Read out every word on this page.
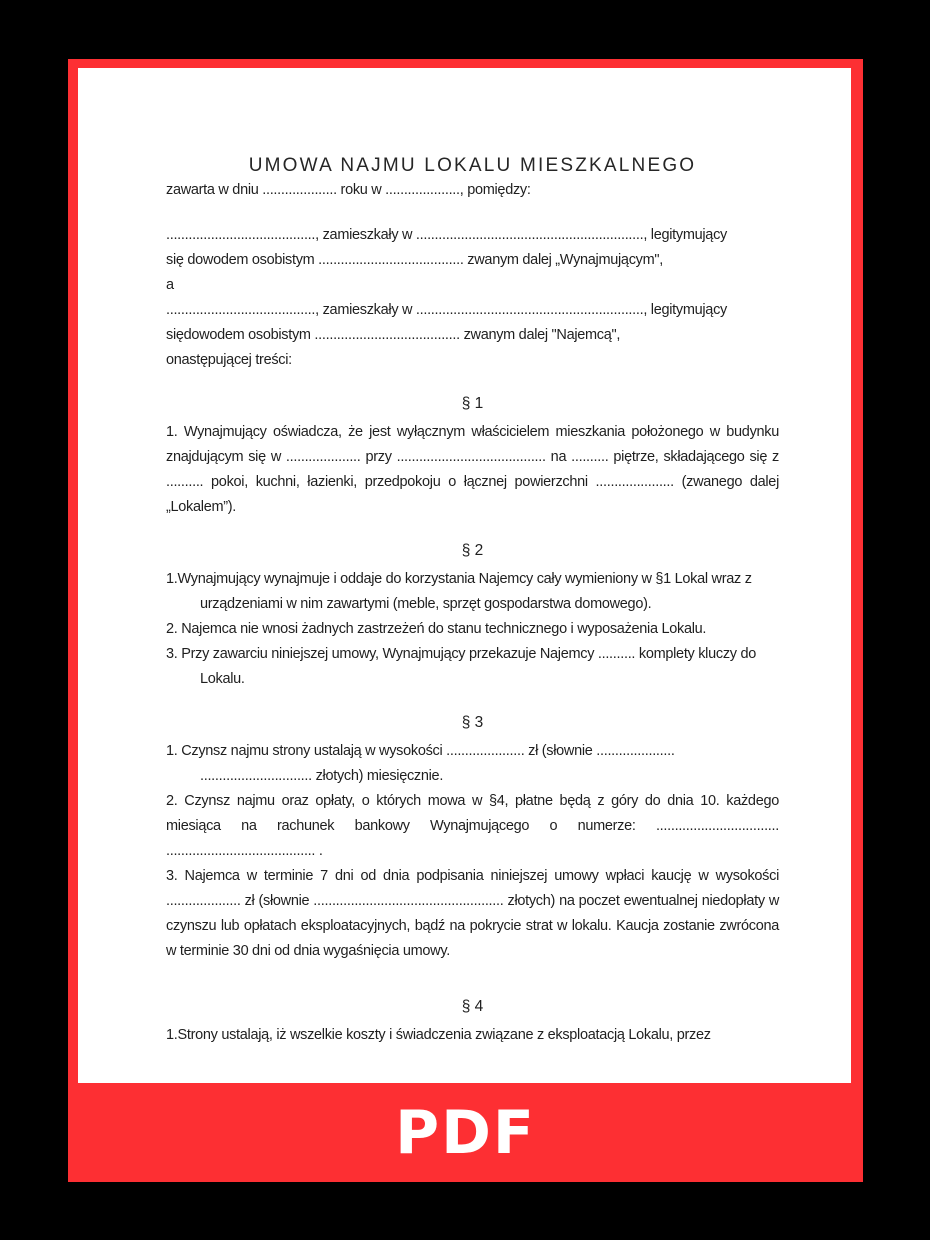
UMOWA NAJMU LOKALU MIESZKALNEGO

zawarta w dniu .................... roku w ...................., pomiędzy:

........................................, zamieszkały w ............................................................., legitymujący

się dowodem osobistym ....................................... zwanym dalej „Wynajmującym",

a

........................................, zamieszkały w ............................................................., legitymujący

siędowodem osobistym ....................................... zwanym dalej "Najemcą",

onastępującej treści:

§ 1

1. Wynajmujący oświadcza, że jest wyłącznym właścicielem mieszkania położonego w budynku znajdującym się w .................... przy ........................................ na .......... piętrze, składającego się z .......... pokoi, kuchni, łazienki, przedpokoju o łącznej powierzchni ..................... (zwanego dalej „Lokalem”).

§ 2

1.Wynajmujący wynajmuje i oddaje do korzystania Najemcy cały wymieniony w §1 Lokal wraz z urządzeniami w nim zawartymi (meble, sprzęt gospodarstwa domowego).

2. Najemca nie wnosi żadnych zastrzeżeń do stanu technicznego i wyposażenia Lokalu.

3. Przy zawarciu niniejszej umowy, Wynajmujący przekazuje Najemcy .......... komplety kluczy do Lokalu.

§ 3

1. Czynsz najmu strony ustalają w wysokości ..................... zł (słownie ..................... .............................. złotych) miesięcznie.

2. Czynsz najmu oraz opłaty, o których mowa w §4, płatne będą z góry do dnia 10. każdego miesiąca na rachunek bankowy Wynajmującego o numerze: ................................. ........................................ .

3. Najemca w terminie 7 dni od dnia podpisania niniejszej umowy wpłaci kaucję w wysokości .................... zł (słownie ................................................... złotych) na poczet ewentualnej niedopłaty w czynszu lub opłatach eksploatacyjnych, bądź na pokrycie strat w lokalu. Kaucja zostanie zwrócona w terminie 30 dni od dnia wygaśnięcia umowy.

§ 4

1.Strony ustalają, iż wszelkie koszty i świadczenia związane z eksploatacją Lokalu, przez

PDF
